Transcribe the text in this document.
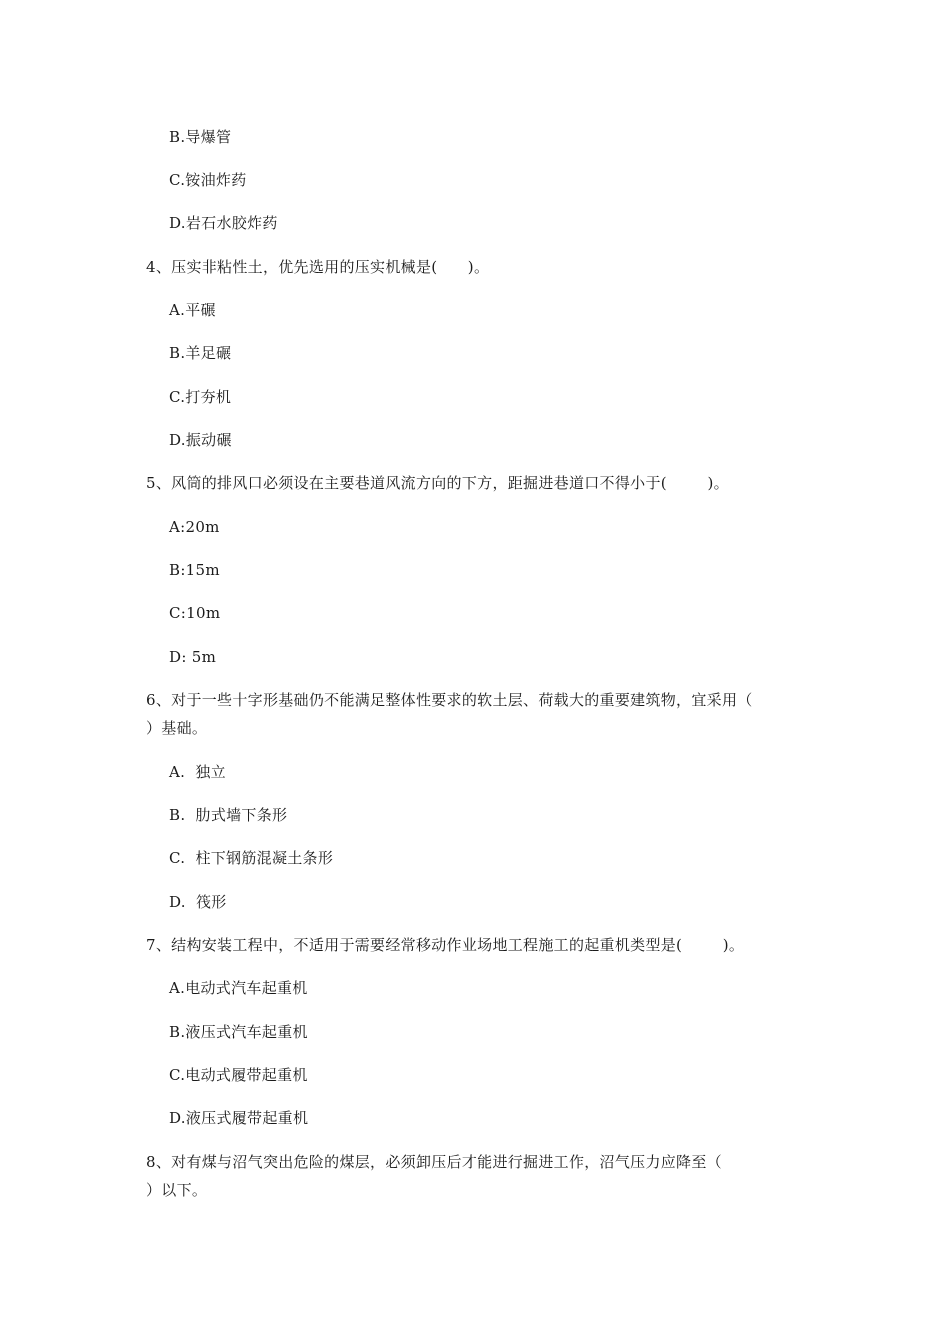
B.导爆管
C.铵油炸药
D.岩石水胶炸药
4、压实非粘性土，优先选用的压实机械是(      )。
A.平碾
B.羊足碾
C.打夯机
D.振动碾
5、风筒的排风口必须设在主要巷道风流方向的下方，距掘进巷道口不得小于(        )。
A:20m
B:15m
C:10m
D: 5m
6、对于一些十字形基础仍不能满足整体性要求的软土层、荷载大的重要建筑物，宜采用（
）基础。
A.  独立
B.  肋式墙下条形
C.  柱下钢筋混凝土条形
D.  筏形
7、结构安装工程中，不适用于需要经常移动作业场地工程施工的起重机类型是(        )。
A.电动式汽车起重机
B.液压式汽车起重机
C.电动式履带起重机
D.液压式履带起重机
8、对有煤与沼气突出危险的煤层，必须卸压后才能进行掘进工作，沼气压力应降至（
）以下。
